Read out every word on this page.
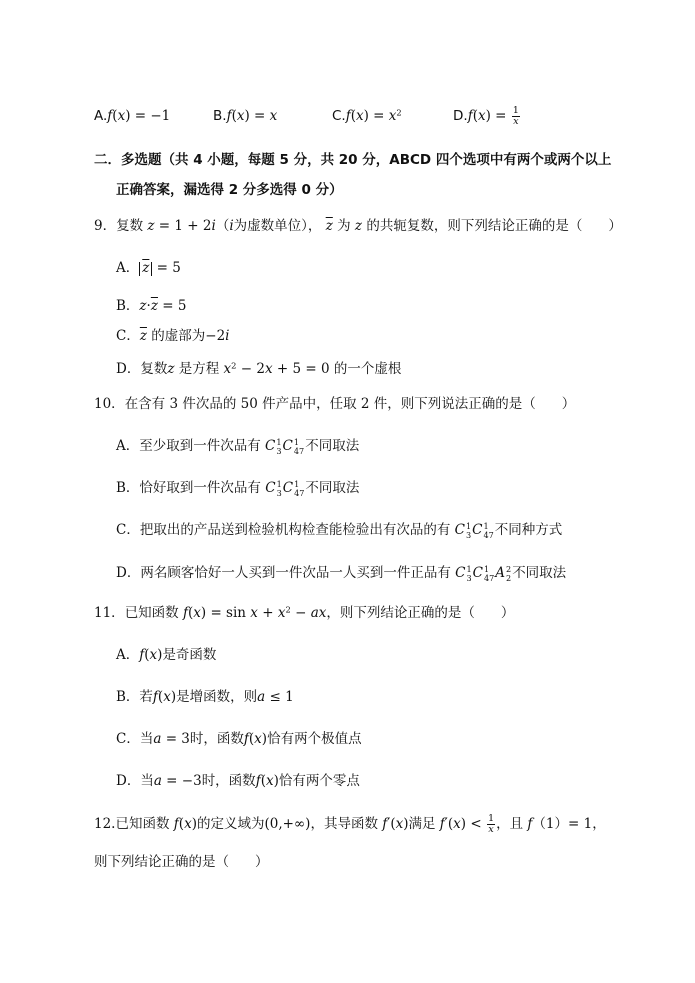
A.f(x) = −1	B.f(x) = x	$C.f(x) = x^2$	$D.f(x) = \frac{1}{x}$
二．多选题（共 4 小题，每题 5 分，共 20 分，ABCD 四个选项中有两个或两个以上
正确答案，漏选得 2 分多选得 0 分）
9．复数 z = 1 + 2i（i为虚数单位）， $\overline{z}$ 为 z 的共轭复数，则下列结论正确的是（ ）
A． $\overline{z} = 5$
B．$z\cdot\overline{z} = 5$
C．$\overline{z}$ 的虚部为−2i
D．复数z 是方程 $x^2 - 2x + 5 = 0$ 的一个虚根
10．在含有 3 件次品的 50 件产品中，任取 2 件，则下列说法正确的是（ ）
A．至少取到一件次品有 C 1
3 C 1
47 不同取法
B．恰好取到一件次品有 C 1
3 C 1
47 不同取法
C．把取出的产品送到检验机构检查能检验出有次品的有 C 1
3 C 1
47 不同种方式
D．两名顾客恰好一人买到一件次品一人买到一件正品有 C 1
3 C 1
47 A 2
2 不同取法
11．已知函数 $f(x) = \sin x + x^2$ − ax，则下列结论正确的是（ ）
A．f(x)是奇函数
B．若f(x)是增函数，则a ≤ 1
C．当a = 3时，函数f(x)恰有两个极值点
D．当a = −3时，函数f(x)恰有两个零点
12.已知函数 f(x)的定义域为(0,+∞)，其导函数 f′(x)满足 $f'(x) < \frac{1}{x}$ ，且 f（1）= 1，
则下列结论正确的是（ ）
